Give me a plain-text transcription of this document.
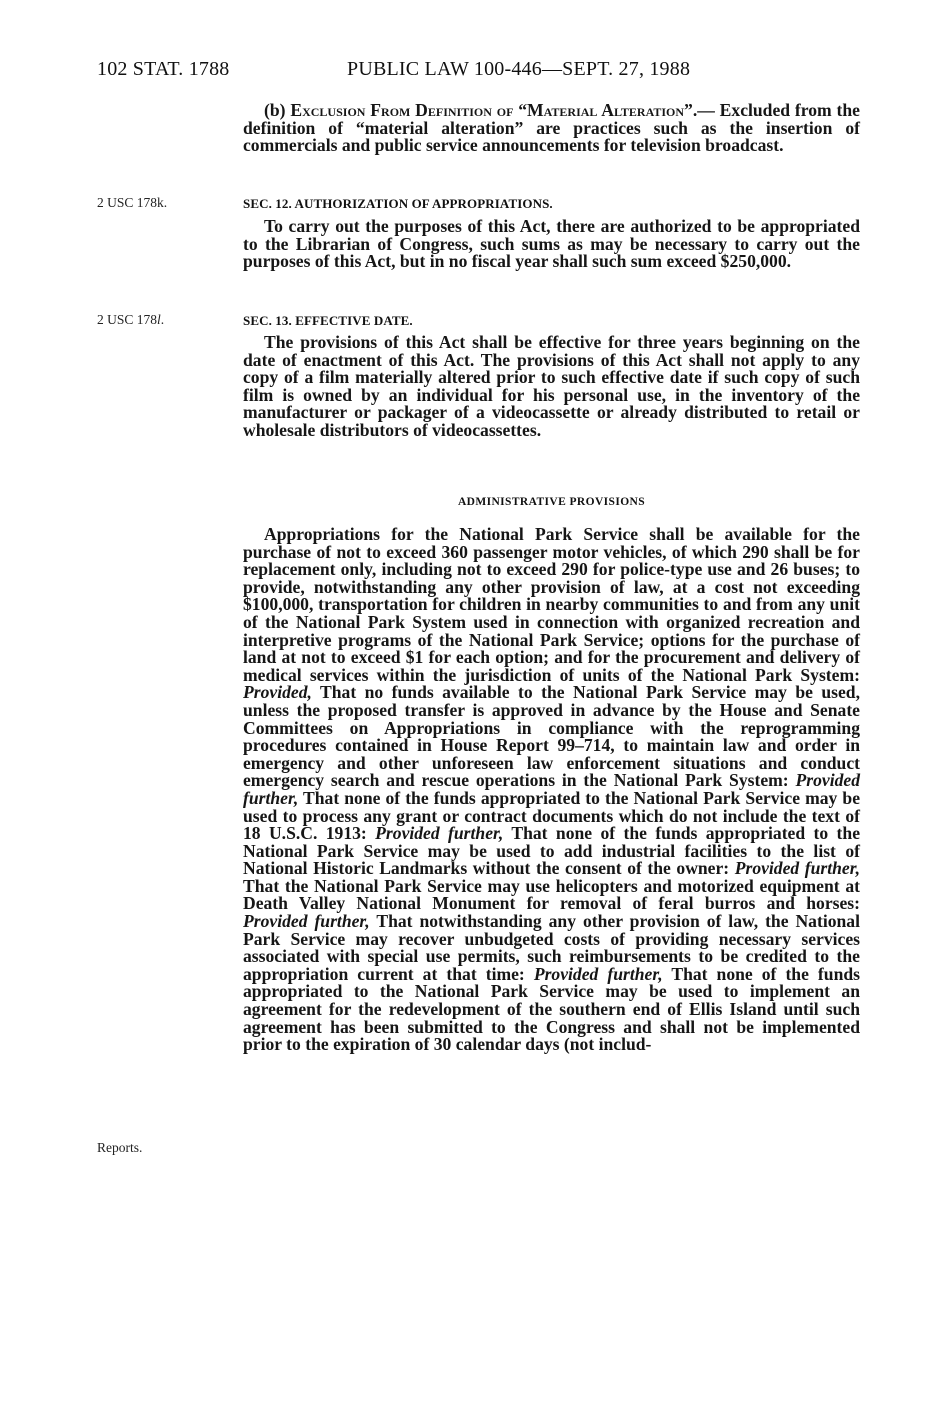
102 STAT. 1788	PUBLIC LAW 100-446—SEPT. 27, 1988

(b) Exclusion From Definition of “Material Alteration”.— Excluded from the definition of “material alteration” are practices such as the insertion of commercials and public service announcements for television broadcast.

2 USC 178k.	SEC. 12. AUTHORIZATION OF APPROPRIATIONS.

To carry out the purposes of this Act, there are authorized to be appropriated to the Librarian of Congress, such sums as may be necessary to carry out the purposes of this Act, but in no fiscal year shall such sum exceed $250,000.

2 USC 178l.	SEC. 13. EFFECTIVE DATE.

The provisions of this Act shall be effective for three years beginning on the date of enactment of this Act. The provisions of this Act shall not apply to any copy of a film materially altered prior to such effective date if such copy of such film is owned by an individual for his personal use, in the inventory of the manufacturer or packager of a videocassette or already distributed to retail or wholesale distributors of videocassettes.

ADMINISTRATIVE PROVISIONS
Reports.

Appropriations for the National Park Service shall be available for the purchase of not to exceed 360 passenger motor vehicles, of which 290 shall be for replacement only, including not to exceed 290 for police-type use and 26 buses; to provide, notwithstanding any other provision of law, at a cost not exceeding $100,000, transportation for children in nearby communities to and from any unit of the National Park System used in connection with organized recreation and interpretive programs of the National Park Service; options for the purchase of land at not to exceed $1 for each option; and for the procurement and delivery of medical services within the jurisdiction of units of the National Park System: Provided, That no funds available to the National Park Service may be used, unless the proposed transfer is approved in advance by the House and Senate Committees on Appropriations in compliance with the reprogramming procedures contained in House Report 99–714, to maintain law and order in emergency and other unforeseen law enforcement situations and conduct emergency search and rescue operations in the National Park System: Provided further, That none of the funds appropriated to the National Park Service may be used to process any grant or contract documents which do not include the text of 18 U.S.C. 1913: Provided further, That none of the funds appropriated to the National Park Service may be used to add industrial facilities to the list of National Historic Landmarks without the consent of the owner: Provided further, That the National Park Service may use helicopters and motorized equipment at Death Valley National Monument for removal of feral burros and horses: Provided further, That notwithstanding any other provision of law, the National Park Service may recover unbudgeted costs of providing necessary services associated with special use permits, such reimbursements to be credited to the appropriation current at that time: Provided further, That none of the funds appropriated to the National Park Service may be used to implement an agreement for the redevelopment of the southern end of Ellis Island until such agreement has been submitted to the Congress and shall not be implemented prior to the expiration of 30 calendar days (not includ-
